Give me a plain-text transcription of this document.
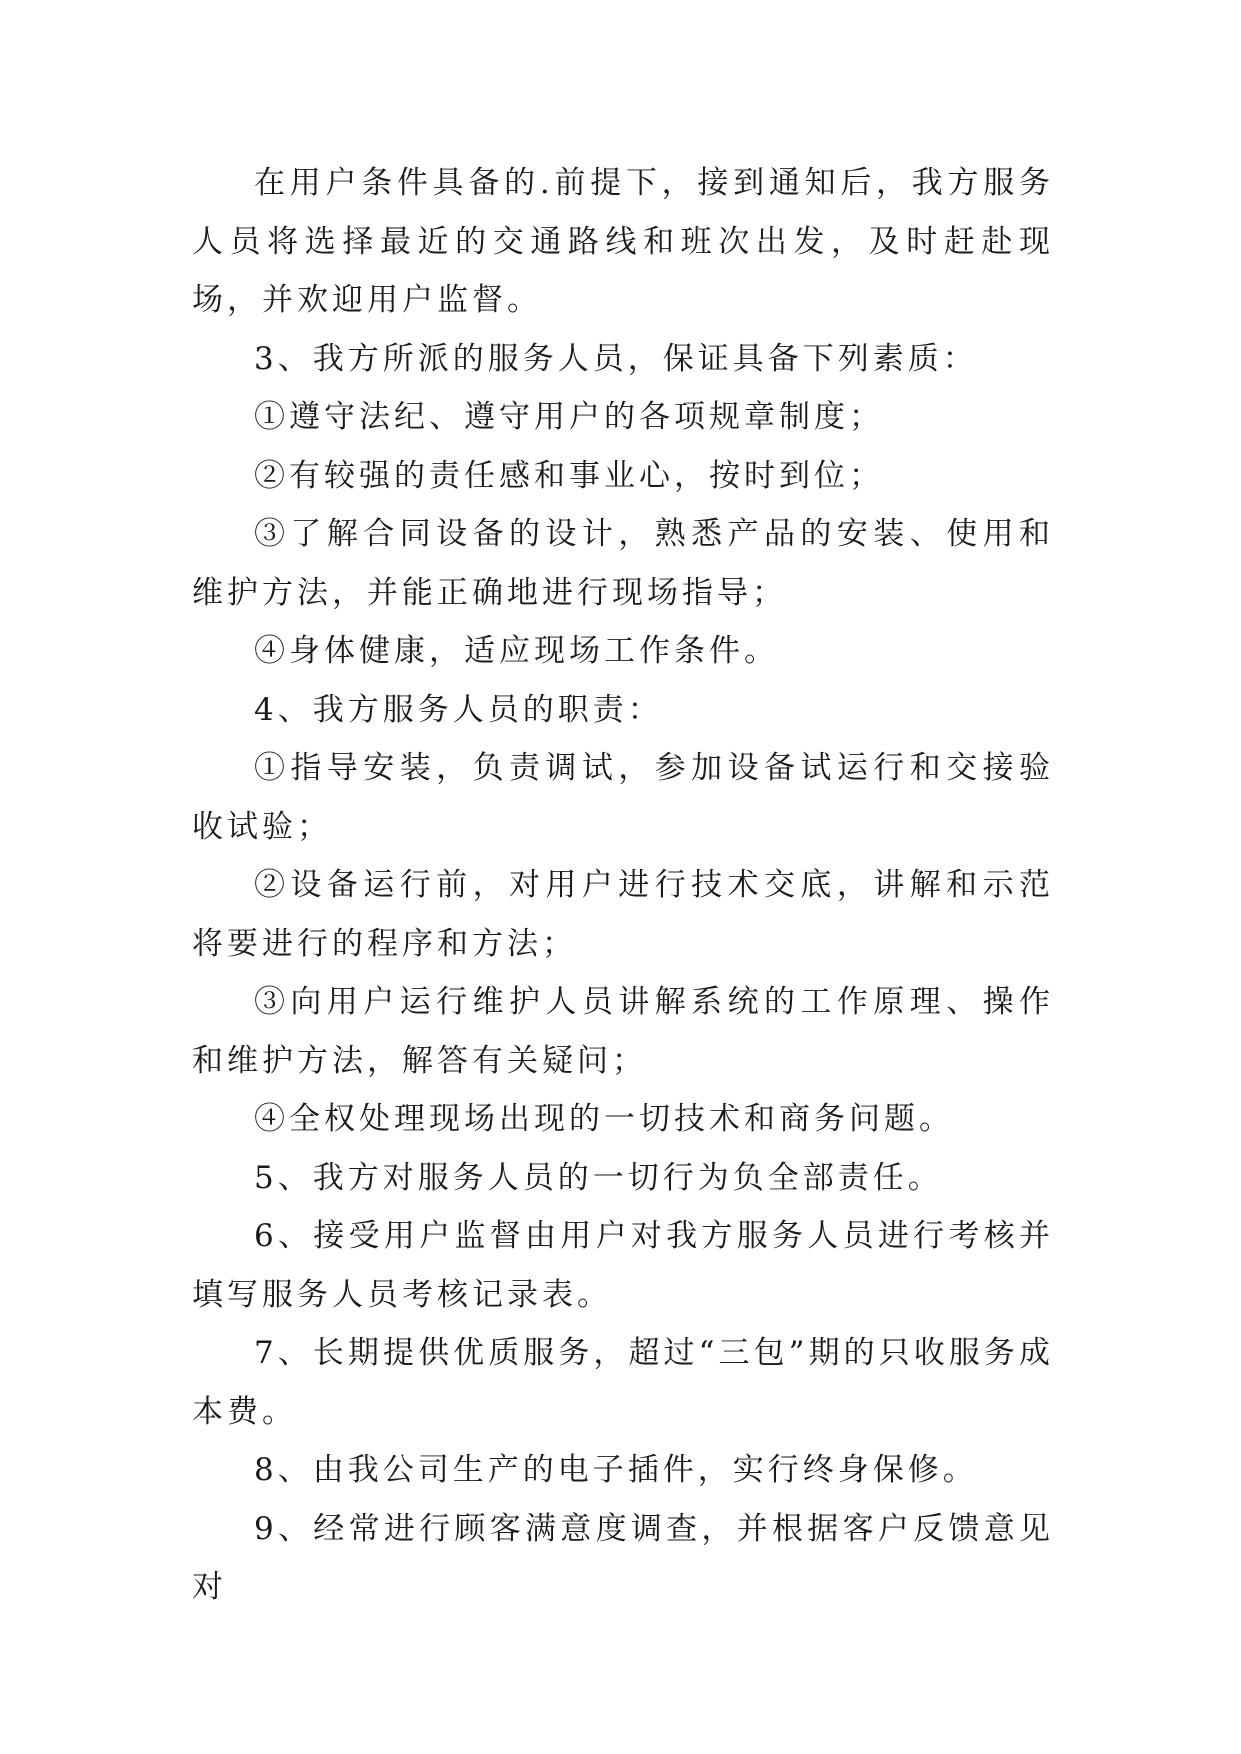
在用户条件具备的.前提下，接到通知后，我方服务人员将选择最近的交通路线和班次出发，及时赶赴现场，并欢迎用户监督。

3、我方所派的服务人员，保证具备下列素质：

①遵守法纪、遵守用户的各项规章制度；

②有较强的责任感和事业心，按时到位；

③了解合同设备的设计，熟悉产品的安装、使用和维护方法，并能正确地进行现场指导；

④身体健康，适应现场工作条件。

4、我方服务人员的职责：

①指导安装，负责调试，参加设备试运行和交接验收试验；

②设备运行前，对用户进行技术交底，讲解和示范将要进行的程序和方法；

③向用户运行维护人员讲解系统的工作原理、操作和维护方法，解答有关疑问；

④全权处理现场出现的一切技术和商务问题。

5、我方对服务人员的一切行为负全部责任。

6、接受用户监督由用户对我方服务人员进行考核并填写服务人员考核记录表。

7、长期提供优质服务，超过“三包”期的只收服务成本费。

8、由我公司生产的电子插件，实行终身保修。

9、经常进行顾客满意度调查，并根据客户反馈意见对
